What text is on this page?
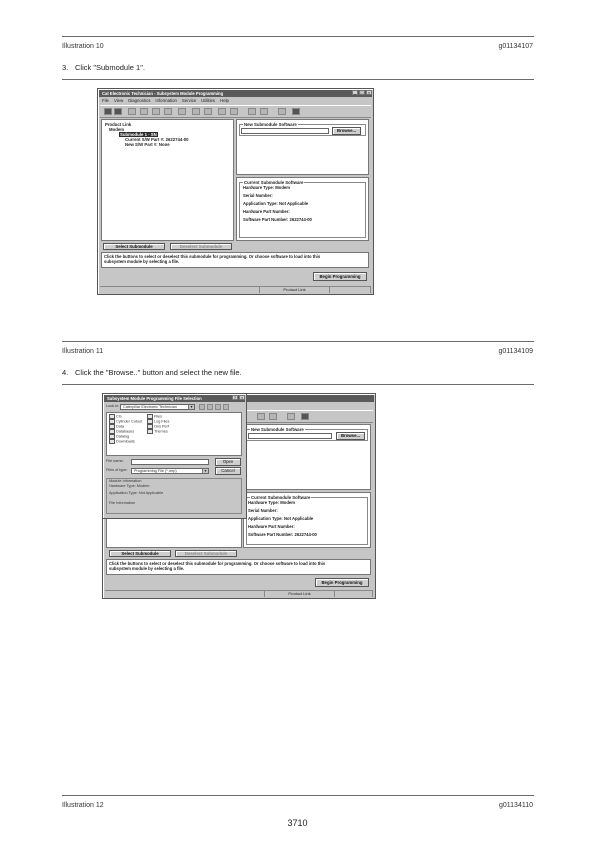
Illustration 10	g01134107
3. Click "Submodule 1".
Cat Electronic Technician - Subsystem Module Programming	_	□	×
File View Diagnostics Information Service Utilities Help
Product Link
Modem
Submodule 1 - SN
Current S/W Part #: 2622744-00
New S/W Part #: None
New Submodule Software
Browse...
Current Submodule Software
Hardware Type: Modem
Serial Number:
Application Type: Not Applicable
Hardware Part Number:
Software Part Number: 2622744-00
Select Submodule	Deselect Submodule
Click the buttons to select or deselect this submodule for programming. Or choose software to load into this
subsystem module by selecting a file.
Begin Programming
Product Link
Illustration 11	g01134109
4. Click the "Browse.." button and select the new file.
New Submodule Software
Browse...
Current Submodule Software
Hardware Type: Modem
Serial Number:
Application Type: Not Applicable
Hardware Part Number:
Software Part Number: 2622744-00
Select Submodule	Deselect Submodule
Click the buttons to select or deselect this submodule for programming. Or choose software to load into this
subsystem module by selecting a file.
Begin Programming
Product Link
Subsystem Module Programming File Selection	?	×
Look in: Caterpillar Electronic Technician	▼
CG
Cylinder Cutout
Data
Databases
Datalog
Downloads
Files
Log Files
Ons Perf
Themes
File name:	Open
Files of type: Programming File (*.mrp)	▼	Cancel
Module Information
Hardware Type: Modem
Application Type: Not Applicable
File Information
Illustration 12	g01134110
3710
